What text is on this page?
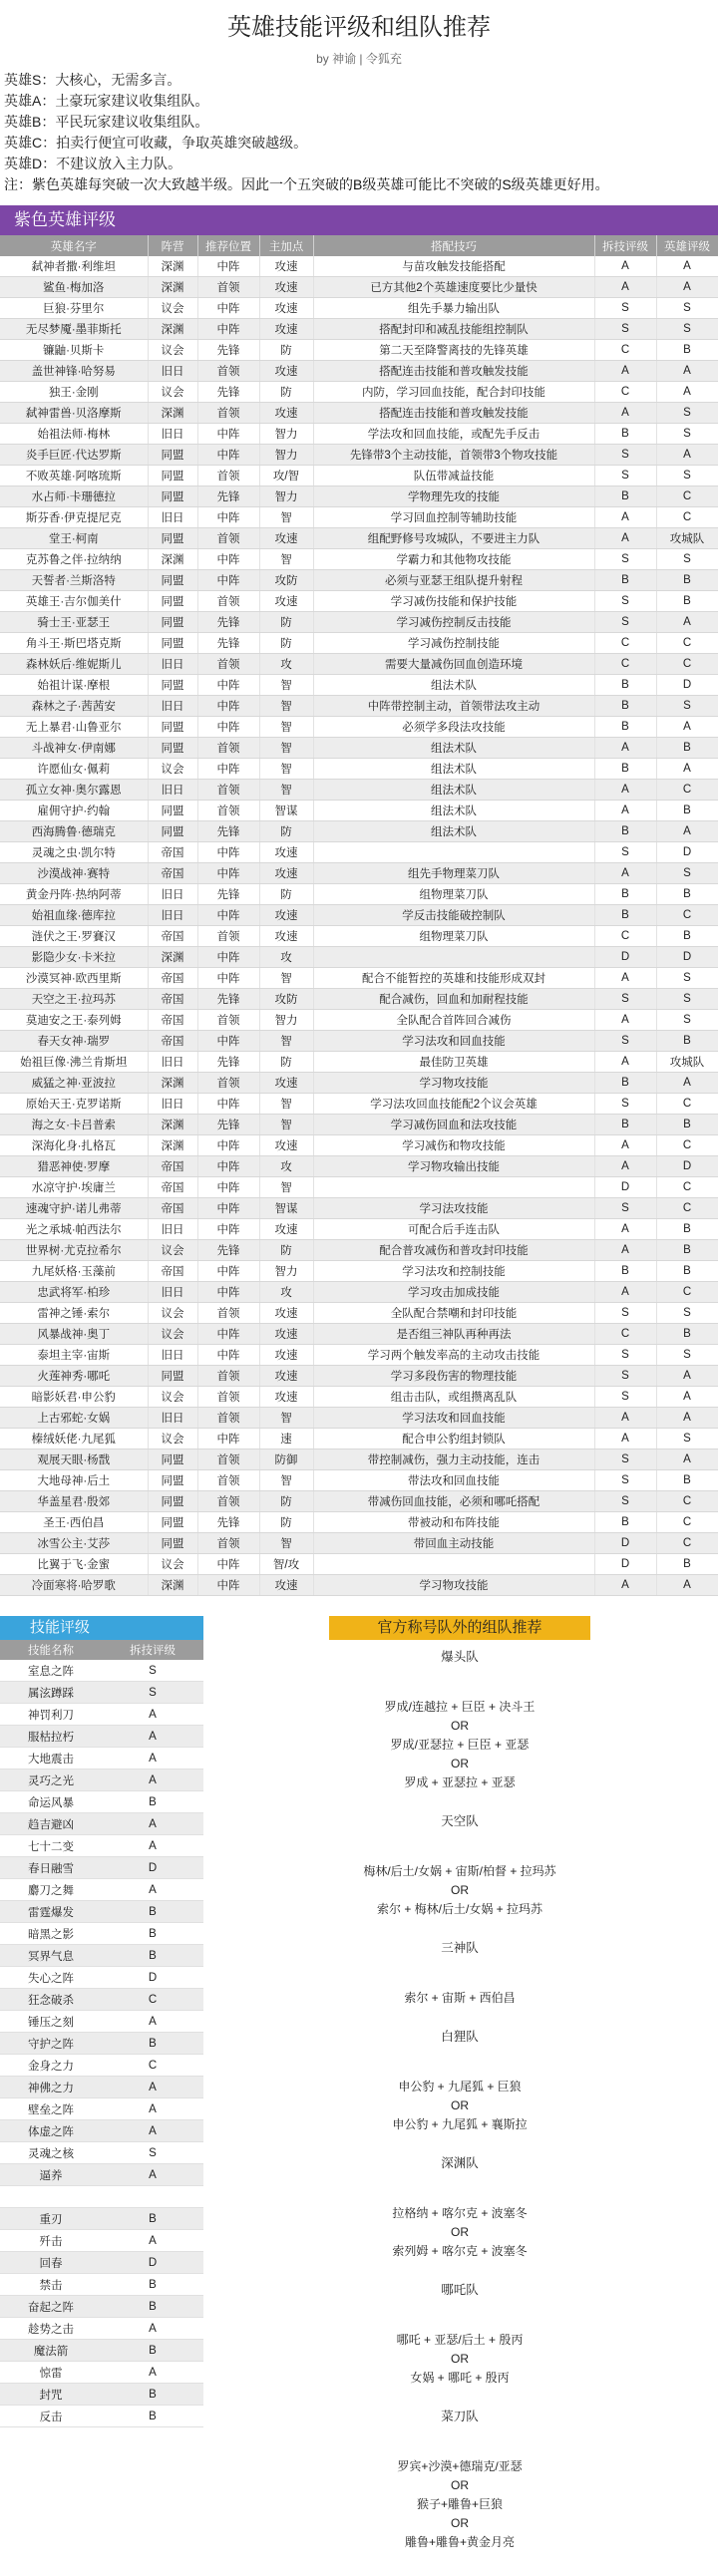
英雄技能评级和组队推荐
by 神谕 | 令狐充
英雄S：大核心，无需多言。
英雄A：土豪玩家建议收集组队。
英雄B：平民玩家建议收集组队。
英雄C：拍卖行便宜可收藏，争取英雄突破越级。
英雄D：不建议放入主力队。
注：紫色英雄每突破一次大致越半级。因此一个五突破的B级英雄可能比不突破的S级英雄更好用。
紫色英雄评级
英雄名字	阵营	推荐位置	主加点	搭配技巧	拆技评级	英雄评级
弑神者撒·利维坦	深渊	中阵	攻速	与苗攻触发技能搭配	A	A
鲨鱼·梅加洛	深渊	首领	攻速	已方其他2个英雄速度要比少量快	A	A
巨狼·芬里尔	议会	中阵	攻速	组先手暴力输出队	S	S
无尽梦魇·墨菲斯托	深渊	中阵	攻速	搭配封印和减乱技能组控制队	S	S
镰鼬·贝斯卡	议会	先锋	防	第二天至降警离技的先锋英雄	C	B
盖世神锋·哈努易	旧日	首领	攻速	搭配连击技能和普攻触发技能	A	A
独王·金刚	议会	先锋	防	内防，学习回血技能，配合封印技能	C	A
弑神雷兽·贝洛摩斯	深渊	首领	攻速	搭配连击技能和普攻触发技能	A	S
始祖法师·梅林	旧日	中阵	智力	学法攻和回血技能，或配先手反击	B	S
炎手巨匠·代达罗斯	同盟	中阵	智力	先锋带3个主动技能，首领带3个物攻技能	S	A
不败英雄·阿喀琉斯	同盟	首领	攻/智	队伍带减益技能	S	S
水占师·卡珊德拉	同盟	先锋	智力	学物理先攻的技能	B	C
斯芬香·伊克提尼克	旧日	中阵	智	学习回血控制等辅助技能	A	C
堂王·柯南	同盟	首领	攻速	组配野修号攻城队，不要进主力队	A	攻城队
克苏鲁之伴·拉纳纳	深渊	中阵	智	学霸力和其他物攻技能	S	S
天誓者·兰斯洛特	同盟	中阵	攻防	必须与亚瑟王组队提升射程	B	B
英雄王·吉尔伽美什	同盟	首领	攻速	学习减伤技能和保护技能	S	B
骑士王·亚瑟王	同盟	先锋	防	学习减伤控制反击技能	S	A
角斗王·斯巴塔克斯	同盟	先锋	防	学习减伤控制技能	C	C
森林妖后·维妮斯儿	旧日	首领	攻	需要大量减伤回血创造环境	C	C
始祖计谋·摩根	同盟	中阵	智	组法术队	B	D
森林之子·茜茜安	旧日	中阵	智	中阵带控制主动，首领带法攻主动	B	S
无上暴君·山鲁亚尔	同盟	中阵	智	必须学多段法攻技能	B	A
斗战神女·伊南娜	同盟	首领	智	组法术队	A	B
许愿仙女·佩莉	议会	中阵	智	组法术队	B	A
孤立女神·奥尔露恩	旧日	首领	智	组法术队	A	C
雇佣守护·约翰	同盟	首领	智谋	组法术队	A	B
西海腾鲁·德瑞克	同盟	先锋	防	组法术队	B	A
灵魂之虫·凯尔特	帝国	中阵	攻速		S	D
沙漠战神·赛特	帝国	中阵	攻速	组先手物理菜刀队	A	S
黄金丹阵·热纳阿蒂	旧日	先锋	防	组物理菜刀队	B	B
始祖血缘·德库拉	旧日	中阵	攻速	学反击技能破控制队	B	C
涟伏之王·罗賽汉	帝国	首领	攻速	组物理菜刀队	C	B
影隐少女·卡米拉	深渊	中阵	攻		D	D
沙漠冥神·欧西里斯	帝国	中阵	智	配合不能暂控的英雄和技能形成双封	A	S
天空之王·拉玛苏	帝国	先锋	攻防	配合减伤，回血和加耐程技能	S	S
莫迪安之王·泰列姆	帝国	首领	智力	全队配合首阵回合减伤	A	S
春天女神·瑞罗	帝国	中阵	智	学习法攻和回血技能	S	B
始祖巨像·沸兰肯斯坦	旧日	先锋	防	最佳防卫英雄	A	攻城队
威猛之神·亚波拉	深渊	首领	攻速	学习物攻技能	B	A
原始天王·克罗诺斯	旧日	中阵	智	学习法攻回血技能配2个议会英雄	S	C
海之女·卡吕普索	深渊	先锋	智	学习减伤回血和法攻技能	B	B
深海化身·扎格瓦	深渊	中阵	攻速	学习减伤和物攻技能	A	C
猎恶神使·罗摩	帝国	中阵	攻	学习物攻输出技能	A	D
水凉守护·埃庸兰	帝国	中阵	智		D	C
速魂守护·诺儿弗蒂	帝国	中阵	智谋	学习法攻技能	S	C
光之承城·帕西法尔	旧日	中阵	攻速	可配合后手连击队	A	B
世界树·尤克拉希尔	议会	先锋	防	配合普攻减伤和普攻封印技能	A	B
九尾妖格·玉藻前	帝国	中阵	智力	学习法攻和控制技能	B	B
忠武将军·柏珍	旧日	中阵	攻	学习攻击加成技能	A	C
雷神之锤·索尔	议会	首领	攻速	全队配合禁嘲和封印技能	S	S
风暴战神·奥丁	议会	中阵	攻速	是否组三神队再种再法	C	B
泰坦主宰·宙斯	旧日	中阵	攻速	学习两个触发率高的主动攻击技能	S	S
火莲神秀·哪吒	同盟	首领	攻速	学习多段伤害的物理技能	S	A
暗影妖君·申公豹	议会	首领	攻速	组击击队，或组攒离乱队	S	A
上古邪蛇·女娲	旧日	首领	智	学习法攻和回血技能	A	A
榛绒妖佬·九尾狐	议会	中阵	速	配合申公豹组封锁队	A	S
观展天眼·杨戬	同盟	首领	防御	带控制减伤，强力主动技能，连击	S	A
大地母神·后土	同盟	首领	智	带法攻和回血技能	S	B
华盖星君·殷郊	同盟	首领	防	带减伤回血技能，必须和哪吒搭配	S	C
圣王·西伯昌	同盟	先锋	防	带被动和布阵技能	B	C
冰雪公主·艾莎	同盟	首领	智	带回血主动技能	D	C
比翼于飞·金蜜	议会	中阵	智/攻		D	B
冷面寒将·哈罗歌	深渊	中阵	攻速	学习物攻技能	A	A
技能评级
技能名称	拆技评级
室息之阵	S
属泫蹲踩	S
神罚利刀	A
服枯拉朽	A
大地震击	A
灵巧之光	A
命运风暴	B
趋吉避凶	A
七十二变	A
春日融雪	D
麝刀之舞	A
雷霆爆发	B
暗黑之影	B
冥界气息	B
失心之阵	D
狂念破杀	C
锤压之刻	A
守护之阵	B
金身之力	C
神佛之力	A
壁垒之阵	A
体虚之阵	A
灵魂之核	S
逼养	A

重刃	B
歼击	A
回春	D
禁击	B
奋起之阵	B
趁势之击	A
魔法箭	B
惊雷	A
封咒	B
反击	B
官方称号队外的组队推荐
爆头队
罗成/连越拉 + 巨臣 + 决斗王
OR
罗成/亚瑟拉 + 巨臣 + 亚瑟
OR
罗成 + 亚瑟拉 + 亚瑟
天空队
梅林/后土/女娲 + 宙斯/柏督 + 拉玛苏
OR
索尔 + 梅林/后土/女娲 + 拉玛苏
三神队
索尔 + 宙斯 + 西伯昌
白狸队
申公豹 + 九尾狐 + 巨狼
OR
申公豹 + 九尾狐 + 襄斯拉
深渊队
拉格纳 + 喀尔克 + 波塞冬
OR
索列姆 + 喀尔克 + 波塞冬
哪吒队
哪吒 + 亚瑟/后土 + 殷丙
OR
女娲 + 哪吒 + 殷丙
菜刀队
罗宾+沙漠+德瑞克/亚瑟
OR
猴子+雕鲁+巨狼
OR
雕鲁+雕鲁+黄金月亮
